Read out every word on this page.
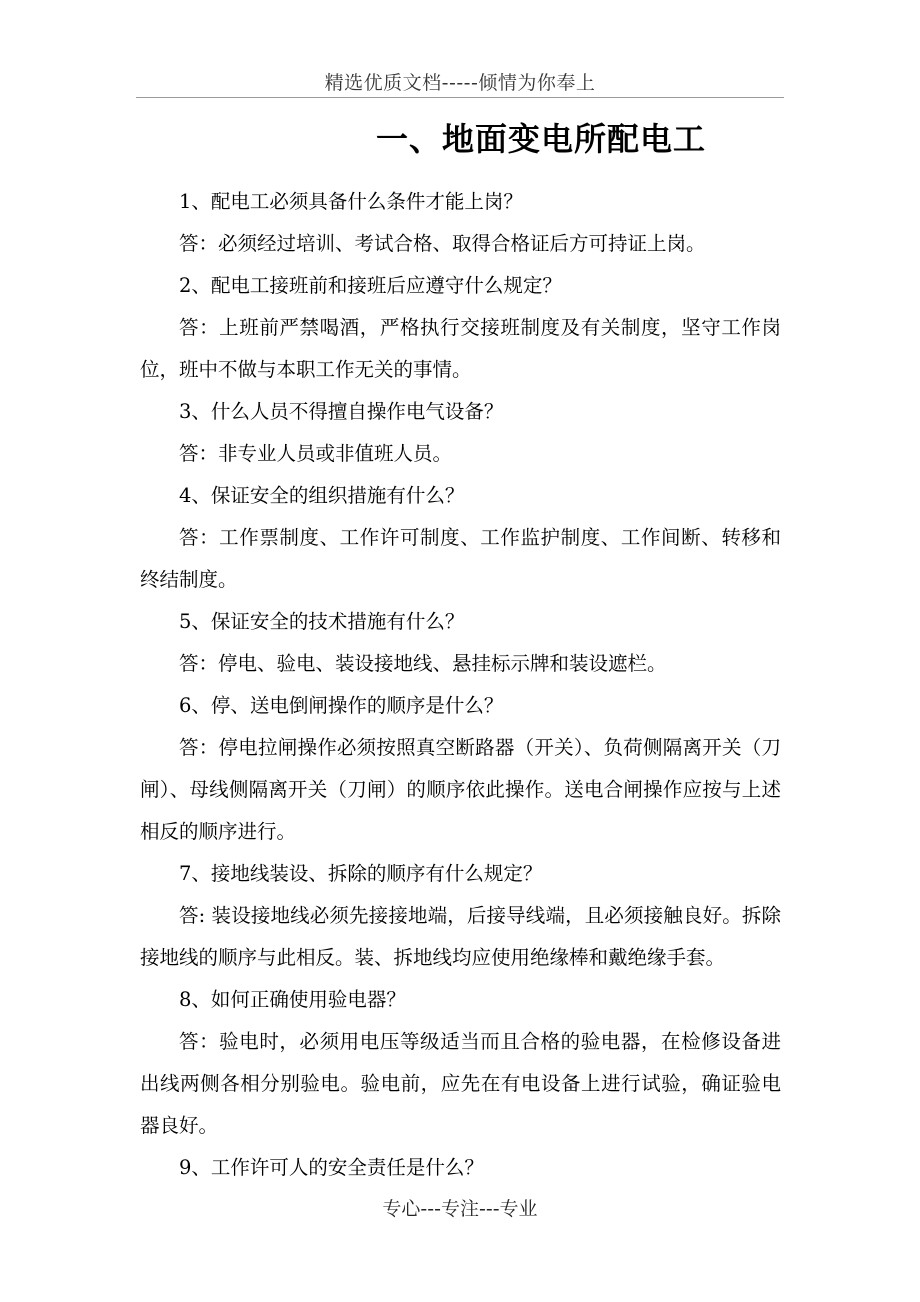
精选优质文档-----倾情为你奉上
一、地面变电所配电工

1、配电工必须具备什么条件才能上岗？

答：必须经过培训、考试合格、取得合格证后方可持证上岗。

2、配电工接班前和接班后应遵守什么规定？

答：上班前严禁喝酒，严格执行交接班制度及有关制度，坚守工作岗位，班中不做与本职工作无关的事情。

3、什么人员不得擅自操作电气设备？

答：非专业人员或非值班人员。

4、保证安全的组织措施有什么？

答：工作票制度、工作许可制度、工作监护制度、工作间断、转移和终结制度。

5、保证安全的技术措施有什么？

答：停电、验电、装设接地线、悬挂标示牌和装设遮栏。

6、停、送电倒闸操作的顺序是什么？

答：停电拉闸操作必须按照真空断路器（开关）、负荷侧隔离开关（刀闸）、母线侧隔离开关（刀闸）的顺序依此操作。送电合闸操作应按与上述相反的顺序进行。

7、接地线装设、拆除的顺序有什么规定？

答: 装设接地线必须先接接地端，后接导线端，且必须接触良好。拆除接地线的顺序与此相反。装、拆地线均应使用绝缘棒和戴绝缘手套。

8、如何正确使用验电器？

答：验电时，必须用电压等级适当而且合格的验电器，在检修设备进出线两侧各相分别验电。验电前，应先在有电设备上进行试验，确证验电器良好。

9、工作许可人的安全责任是什么？

专心---专注---专业
